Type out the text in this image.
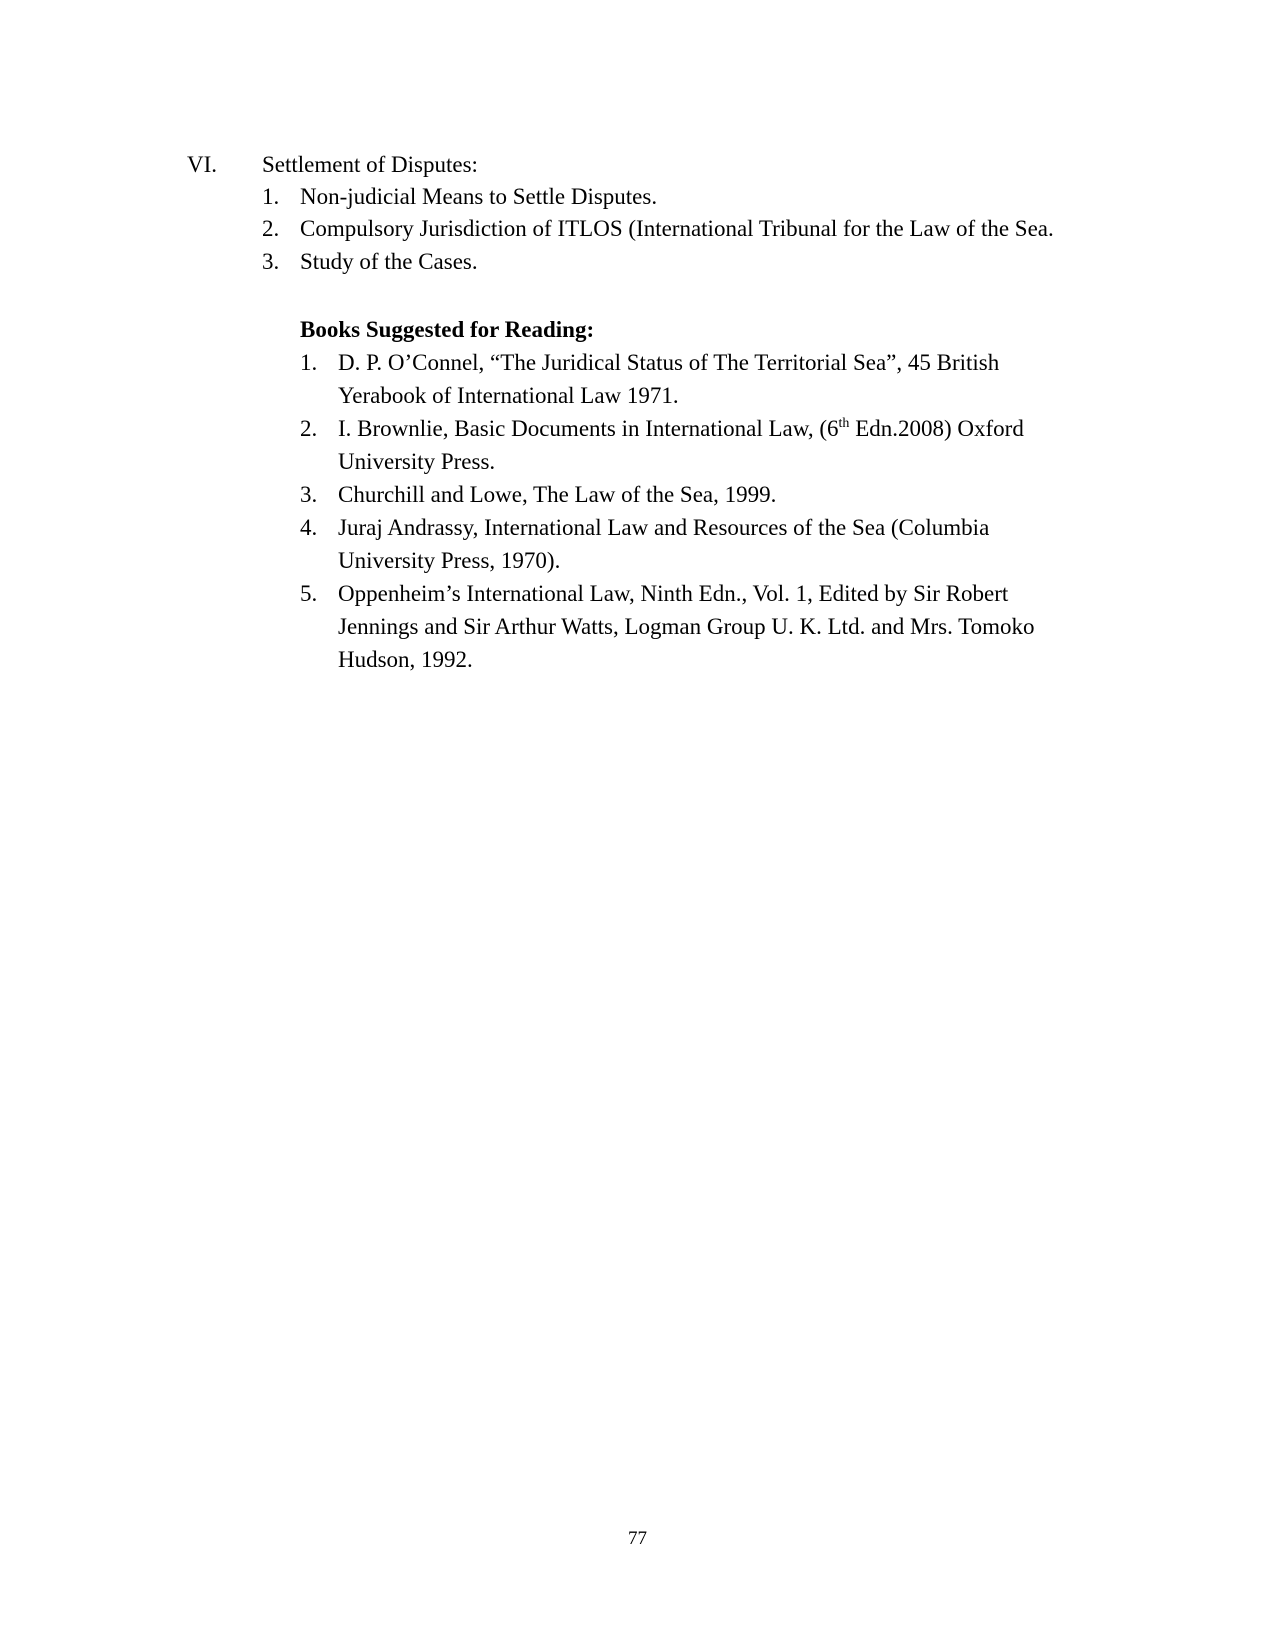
VI. Settlement of Disputes:
1. Non-judicial Means to Settle Disputes.
2. Compulsory Jurisdiction of ITLOS (International Tribunal for the Law of the Sea.
3. Study of the Cases.
Books Suggested for Reading:
1. D. P. O’Connel, “The Juridical Status of The Territorial Sea”, 45 British
Yerabook of International Law 1971.
2. I. Brownlie, Basic Documents in International Law, (6th Edn.2008) Oxford
University Press.
3. Churchill and Lowe, The Law of the Sea, 1999.
4. Juraj Andrassy, International Law and Resources of the Sea (Columbia
University Press, 1970).
5. Oppenheim’s International Law, Ninth Edn., Vol. 1, Edited by Sir Robert
Jennings and Sir Arthur Watts, Logman Group U. K. Ltd. and Mrs. Tomoko
Hudson, 1992.
77
